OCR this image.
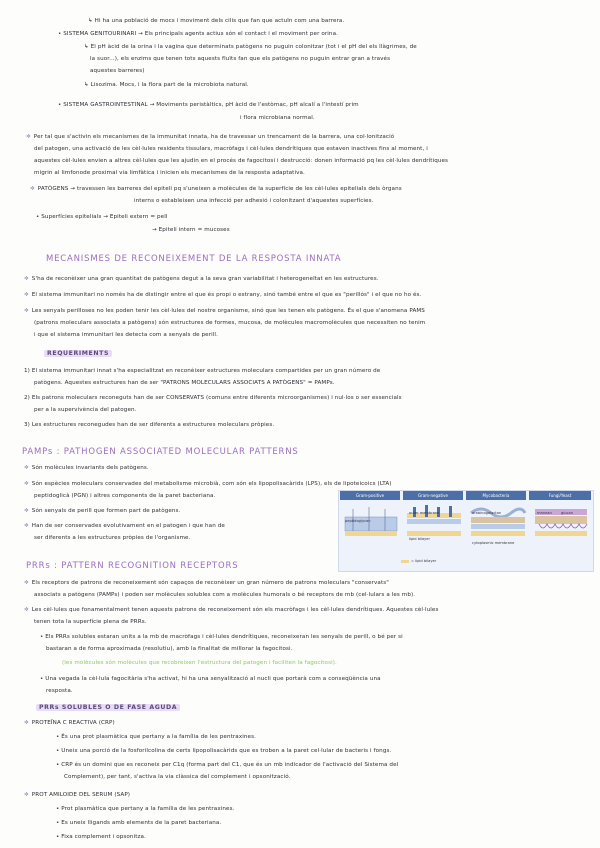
↳ Hi ha una població de mocs i moviment dels cilis que fan que actuïn com una barrera.
• SISTEMA GENITOURINARI → Els principals agents actius són el contact i el moviment per orina.
↳ El pH àcid de la orina i la vagina que determinats patògens no puguin colonitzar (tot i el pH del els llàgrimes, de
la suor...), els enzims que tenen tots aquests fluïts fan que els patògens no puguin entrar gran a través
aquestes barreres)
↳ Lisozima. Mocs, i la flora part de la microbiota natural.
• SISTEMA GASTROINTESTINAL → Moviments peristàltics, pH àcid de l'estòmac, pH alcalí a l'intestí prim
i flora microbiana normal.
✲ Per tal que s'activin els mecanismes de la immunitat innata, ha de travessar un trencament de la barrera, una col·lonització
del patogen, una activació de les cèl·lules residents tissulars, macròfags i cèl·lules dendrítiques que estaven inactives fins al moment, i
aquestes cèl·lules envien a altres cèl·lules que les ajudin en el procés de fagocitosi i destrucció: donen informació pq les cèl·lules dendrítiques
migrin al limfonode proximal via limfàtica i inicien els mecanismes de la resposta adaptativa.
✲ PATÒGENS → travessen les barreres del epiteli pq s'uneixen a molècules de la superfície de les cèl·lules epitelials dels òrgans
interns o estableixen una infecció per adhesió i colonitzant d'aquestes superfícies.
• Superfícies epitelials → Epiteli extern = pell
→ Epiteli intern = mucoses
MECANISMES DE RECONEIXEMENT DE LA RESPOSTA INNATA
✲ S'ha de reconèixer una gran quantitat de patògens degut a la seva gran variabilitat i heterogeneïtat en les estructures.
✲ El sistema immunitari no només ha de distingir entre el que és propi o estrany, sinó també entre el que es "perillós" i el que no ho és.
✲ Les senyals perilloses no les poden tenir les cèl·lules del nostre organisme, sinó que les tenen els patògens. És el que s'anomena PAMS
(patrons moleculars associats a patògens) són estructures de formes, mucosa, de molècules macromolècules que necessiten no tenim
i que el sistema immunitari les detecta com a senyals de perill.
REQUERIMENTS
1) El sistema immunitari innat s'ha especialitzat en reconèixer estructures moleculars compartides per un gran número de
patògens. Aquestes estructures han de ser "PATRONS MOLECULARS ASSOCIATS A PATÒGENS" = PAMPs.
2) Els patrons moleculars reconeguts han de ser CONSERVATS (comuns entre diferents microorganismes) i nul·los o ser essencials
per a la supervivència del patogen.
3) Les estructures reconegudes han de ser diferents a estructures moleculars pròpies.
PAMPs : PATHOGEN ASSOCIATED MOLECULAR PATTERNS
✲ Són molècules invariants dels patògens.
✲ Són espècies moleculars conservades del metabolisme microbià, com són els lipopolisacàrids (LPS), els de lipoteicoics (LTA)
peptidoglicà (PGN) i altres components de la paret bacteriana.
✲ Són senyals de perill que formen part de patògens.
✲ Han de ser conservades evolutivament en el patogen i que han de
ser diferents a les estructures pròpies de l'organisme.
Gram-positive	Gram-negative	Mycobacteria	Fungi/Yeast
peptidoglycan
outer membrane
lipid bilayer
arabinogalactan
cytoplasmic membrane
mannan	glucan
= lipid bilayer
PRRs : PATTERN RECOGNITION RECEPTORS
✲ Els receptors de patrons de reconeixement són capaços de reconèixer un gran número de patrons moleculars "conservats"
associats a patògens (PAMPs) i poden ser molècules solubles com a molècules humorals o bé receptors de mb (cel·lulars a les mb).
✲ Les cèl·lules que fonamentalment tenen aquests patrons de reconeixement són els macròfags i les cèl·lules dendrítiques. Aquestes cèl·lules
tenen tota la superfície plena de PRRs.
• Els PRRs solubles estaran units a la mb de macròfags i cèl·lules dendrítiques, reconeixeran les senyals de perill, o bé per si
bastaran a de forma aproximada (resolutiu), amb la finalitat de millorar la fagocitosi.
(les molècules són molècules que recobreixen l'estructura del patogen i faciliten la fagocitosi).
• Una vegada la cèl·lula fagocitària s'ha activat, hi ha una senyalització al nucli que portarà com a conseqüència una
resposta.
PRRs SOLUBLES O DE FASE AGUDA
✲ PROTEÏNA C REACTIVA (CRP)
• És una prot plasmàtica que pertany a la família de les pentraxines.
• Uneix una porció de la fosforilcolina de certs lipopolisacàrids que es troben a la paret cel·lular de bacteris i fongs.
• CRP és un domini que es reconeix per C1q (forma part del C1, que és un mb indicador de l'activació del Sistema del
Complement), per tant, s'activa la via clàssica del complement i opsonització.
✲ PROT AMILOIDE DEL SERUM (SAP)
• Prot plasmàtica que pertany a la família de les pentraxines.
• Es uneix lligands amb elements de la paret bacteriana.
• Fixa complement i opsonitza.
